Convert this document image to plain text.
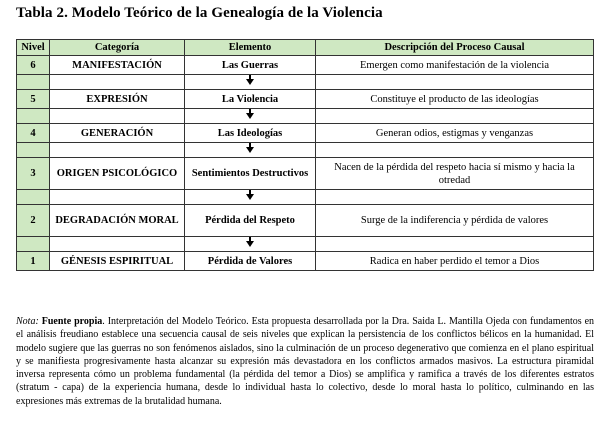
Tabla 2. Modelo Teórico de la Genealogía de la Violencia
Nivel	Categoría	Elemento	Descripción del Proceso Causal
6	MANIFESTACIÓN	Las Guerras	Emergen como manifestación de la violencia

5	EXPRESIÓN	La Violencia	Constituye el producto de las ideologías

4	GENERACIÓN	Las Ideologías	Generan odios, estigmas y venganzas

3	ORIGEN PSICOLÓGICO	Sentimientos Destructivos	Nacen de la pérdida del respeto hacia sí mismo y hacia la otredad

2	DEGRADACIÓN MORAL	Pérdida del Respeto	Surge de la indiferencia y pérdida de valores

1	GÉNESIS ESPIRITUAL	Pérdida de Valores	Radica en haber perdido el temor a Dios
Nota: Fuente propia. Interpretación del Modelo Teórico. Esta propuesta desarrollada por la Dra. Saida L. Mantilla Ojeda con fundamentos en el análisis freudiano establece una secuencia causal de seis niveles que explican la persistencia de los conflictos bélicos en la humanidad. El modelo sugiere que las guerras no son fenómenos aislados, sino la culminación de un proceso degenerativo que comienza en el plano espiritual y se manifiesta progresivamente hasta alcanzar su expresión más devastadora en los conflictos armados masivos. La estructura piramidal inversa representa cómo un problema fundamental (la pérdida del temor a Dios) se amplifica y ramifica a través de los diferentes estratos (stratum - capa) de la experiencia humana, desde lo individual hasta lo colectivo, desde lo moral hasta lo político, culminando en las expresiones más extremas de la brutalidad humana.
